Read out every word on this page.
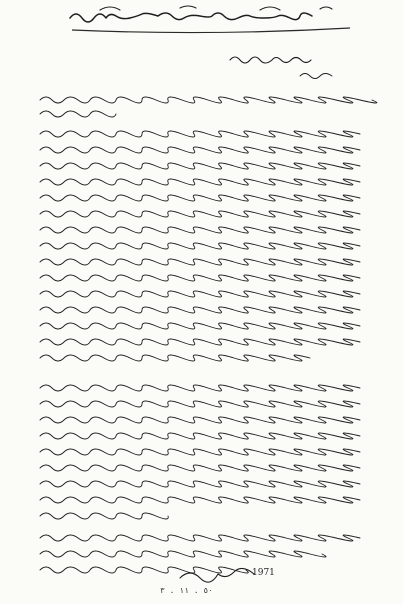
1971
٥٠ . ١١ . ٣
